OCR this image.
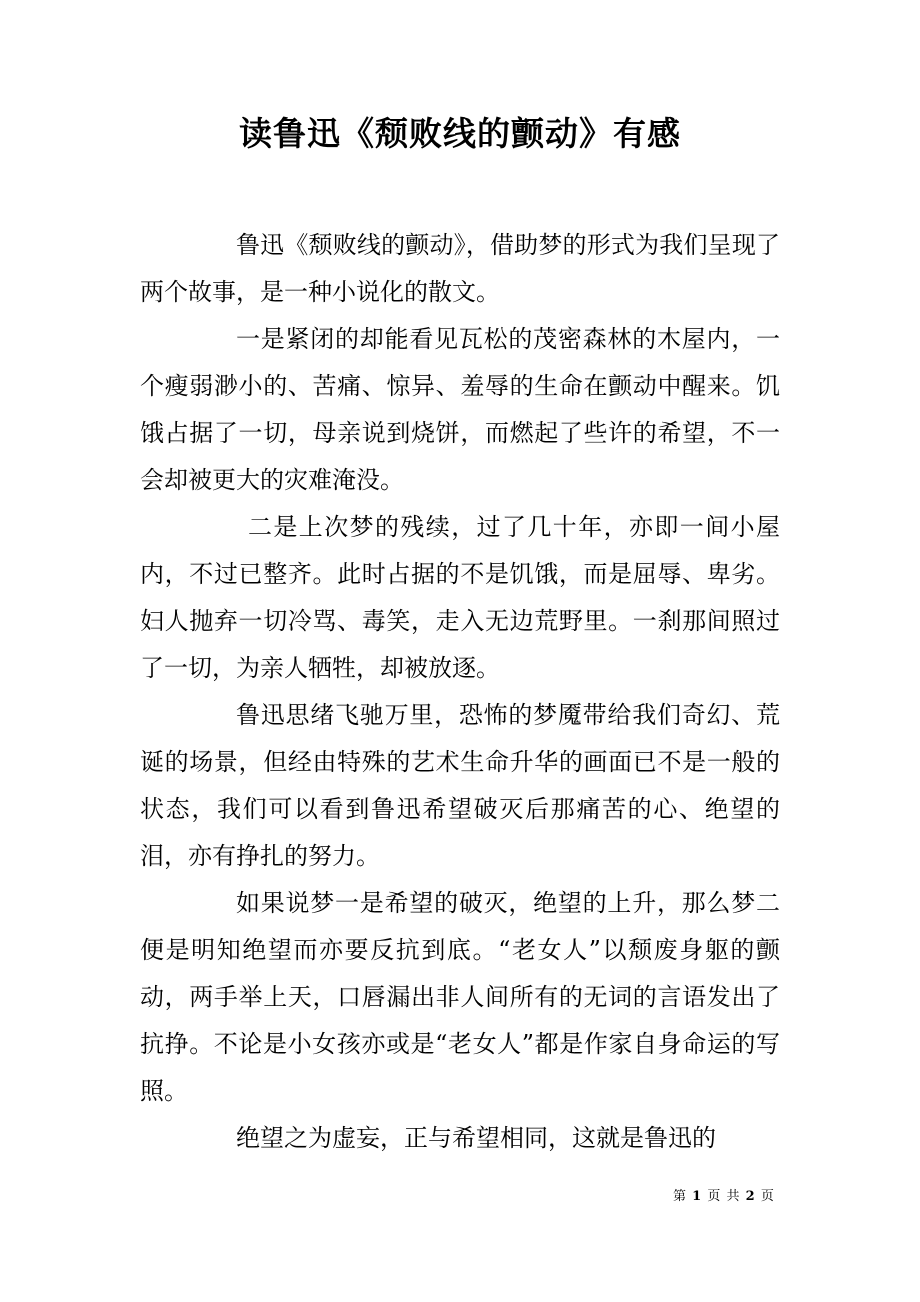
读鲁迅《颓败线的颤动》有感

鲁迅《颓败线的颤动》，借助梦的形式为我们呈现了两个故事，是一种小说化的散文。

一是紧闭的却能看见瓦松的茂密森林的木屋内，一个瘦弱渺小的、苦痛、惊异、羞辱的生命在颤动中醒来。饥饿占据了一切，母亲说到烧饼，而燃起了些许的希望，不一会却被更大的灾难淹没。

二是上次梦的残续，过了几十年，亦即一间小屋内，不过已整齐。此时占据的不是饥饿，而是屈辱、卑劣。妇人抛弃一切冷骂、毒笑，走入无边荒野里。一刹那间照过了一切，为亲人牺牲，却被放逐。

鲁迅思绪飞驰万里，恐怖的梦魇带给我们奇幻、荒诞的场景，但经由特殊的艺术生命升华的画面已不是一般的状态，我们可以看到鲁迅希望破灭后那痛苦的心、绝望的泪，亦有挣扎的努力。

如果说梦一是希望的破灭，绝望的上升，那么梦二便是明知绝望而亦要反抗到底。“老女人”以颓废身躯的颤动，两手举上天，口唇漏出非人间所有的无词的言语发出了抗挣。不论是小女孩亦或是“老女人”都是作家自身命运的写照。

绝望之为虚妄，正与希望相同，这就是鲁迅的

第 1 页 共 2 页
